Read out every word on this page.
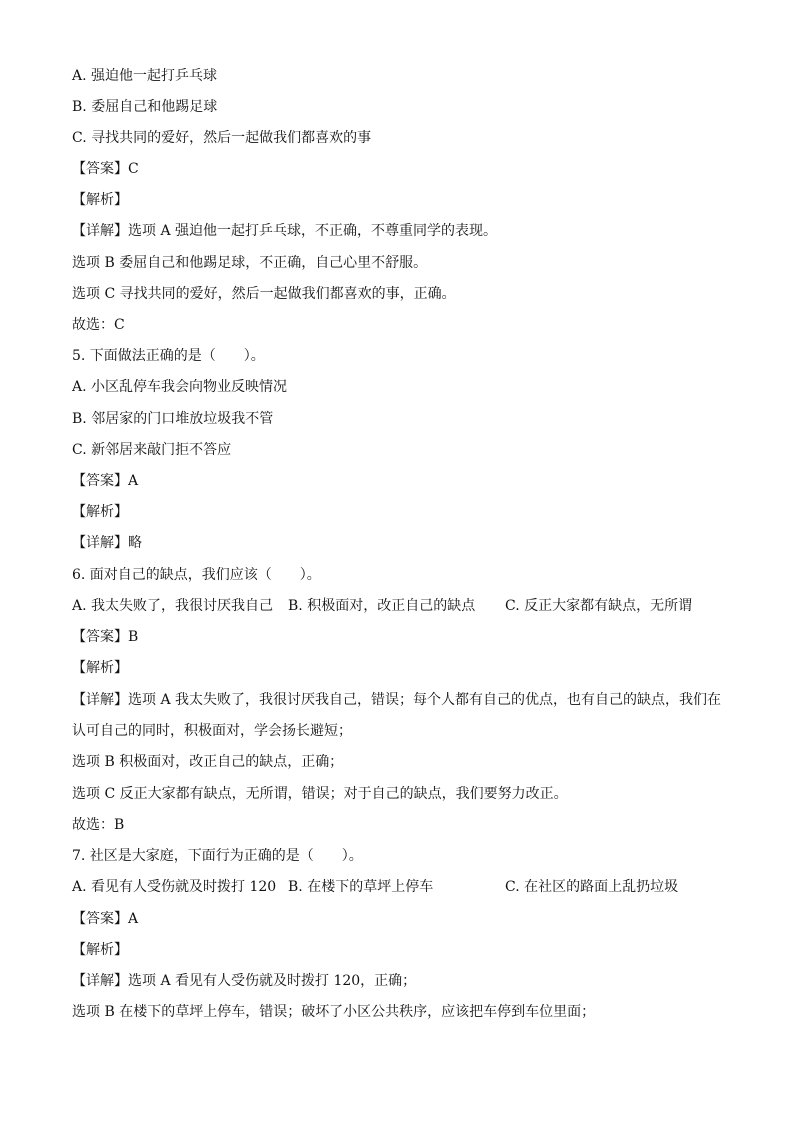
A. 强迫他一起打乒乓球
B. 委屈自己和他踢足球
C. 寻找共同的爱好，然后一起做我们都喜欢的事
【答案】C
【解析】
【详解】选项 A 强迫他一起打乒乓球，不正确，不尊重同学的表现。
选项 B 委屈自己和他踢足球，不正确，自己心里不舒服。
选项 C 寻找共同的爱好，然后一起做我们都喜欢的事，正确。
故选：C
5. 下面做法正确的是（　　）。
A. 小区乱停车我会向物业反映情况
B. 邻居家的门口堆放垃圾我不管
C. 新邻居来敲门拒不答应
【答案】A
【解析】
【详解】略
6. 面对自己的缺点，我们应该（　　）。
A. 我太失败了，我很讨厌我自己 B. 积极面对，改正自己的缺点 C. 反正大家都有缺点，无所谓
【答案】B
【解析】
【详解】选项 A 我太失败了，我很讨厌我自己，错误；每个人都有自己的优点，也有自己的缺点，我们在
认可自己的同时，积极面对，学会扬长避短；
选项 B 积极面对，改正自己的缺点，正确；
选项 C 反正大家都有缺点，无所谓，错误；对于自己的缺点，我们要努力改正。
故选：B
7. 社区是大家庭，下面行为正确的是（　　）。
A. 看见有人受伤就及时拨打 120 B. 在楼下的草坪上停车	C. 在社区的路面上乱扔垃圾
【答案】A
【解析】
【详解】选项 A 看见有人受伤就及时拨打 120，正确；
选项 B 在楼下的草坪上停车，错误；破坏了小区公共秩序，应该把车停到车位里面；
